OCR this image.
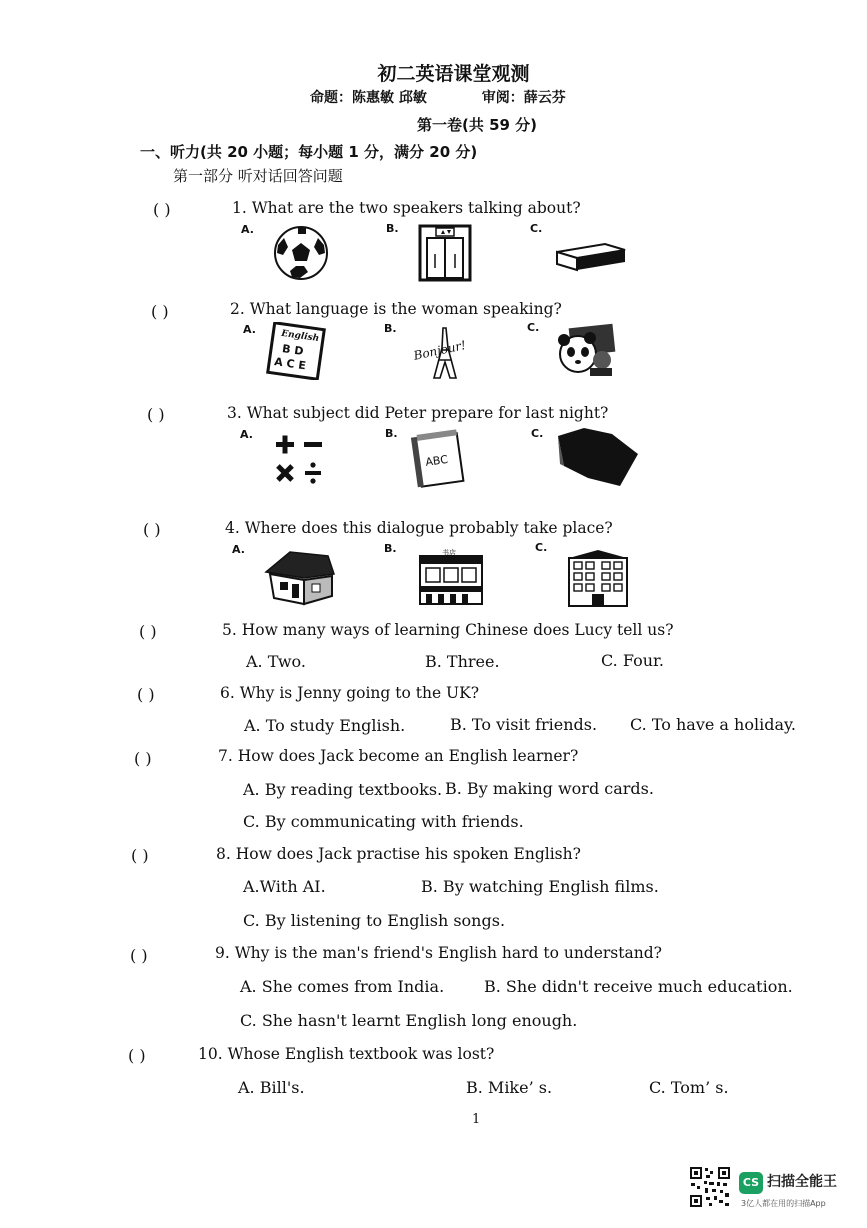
初二英语课堂观测
命题：陈惠敏 邱敏	审阅：薛云芬
第一卷(共 59 分)
一、听力(共 20 小题；每小题 1 分，满分 20 分)
第一部分 听对话回答问题
( )	1. What are the two speakers talking about?
A.	B.	C.
( )	2. What language is the woman speaking?
A.	B.	C.
English
B D
A C E
Bonjour!
( )	3. What subject did Peter prepare for last night?
A.	B.	C.
ABC
( )	4. Where does this dialogue probably take place?
A.	B.	C.
书店
( )	5. How many ways of learning Chinese does Lucy tell us?
A. Two.	B. Three.	C. Four.
( )	6. Why is Jenny going to the UK?
A. To study English.	B. To visit friends. C. To have a holiday.
( )	7. How does Jack become an English learner?
A. By reading textbooks. B. By making word cards.
C. By communicating with friends.
( )	8. How does Jack practise his spoken English?
A.With AI.	B. By watching English films.
C. By listening to English songs.
( )	9. Why is the man's friend's English hard to understand?
A. She comes from India. B. She didn't receive much education.
C. She hasn't learnt English long enough.
( )	10. Whose English textbook was lost?
A. Bill's.	B. Mike’ s.	C. Tom’ s.
1
CS 扫描全能王
3亿人都在用的扫描App
